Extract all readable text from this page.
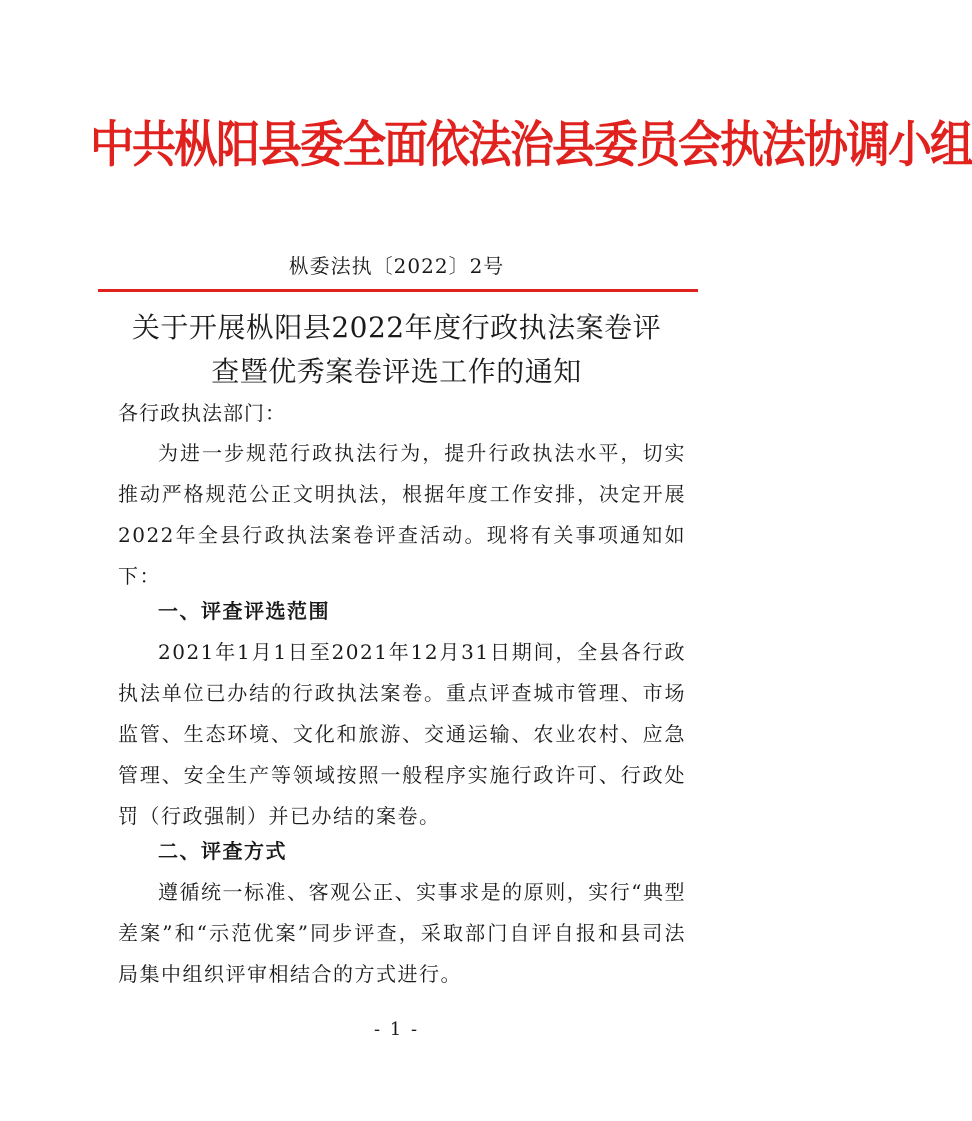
中共枞阳县委全面依法治县委员会执法协调小组
枞委法执〔2022〕2号
关于开展枞阳县2022年度行政执法案卷评
查暨优秀案卷评选工作的通知
各行政执法部门：

为进一步规范行政执法行为，提升行政执法水平，切实推动严格规范公正文明执法，根据年度工作安排，决定开展2022年全县行政执法案卷评查活动。现将有关事项通知如下：

一、评查评选范围

2021年1月1日至2021年12月31日期间，全县各行政执法单位已办结的行政执法案卷。重点评查城市管理、市场监管、生态环境、文化和旅游、交通运输、农业农村、应急管理、安全生产等领域按照一般程序实施行政许可、行政处罚（行政强制）并已办结的案卷。

二、评查方式

遵循统一标准、客观公正、实事求是的原则，实行“典型差案”和“示范优案”同步评查，采取部门自评自报和县司法局集中组织评审相结合的方式进行。

- 1 -
